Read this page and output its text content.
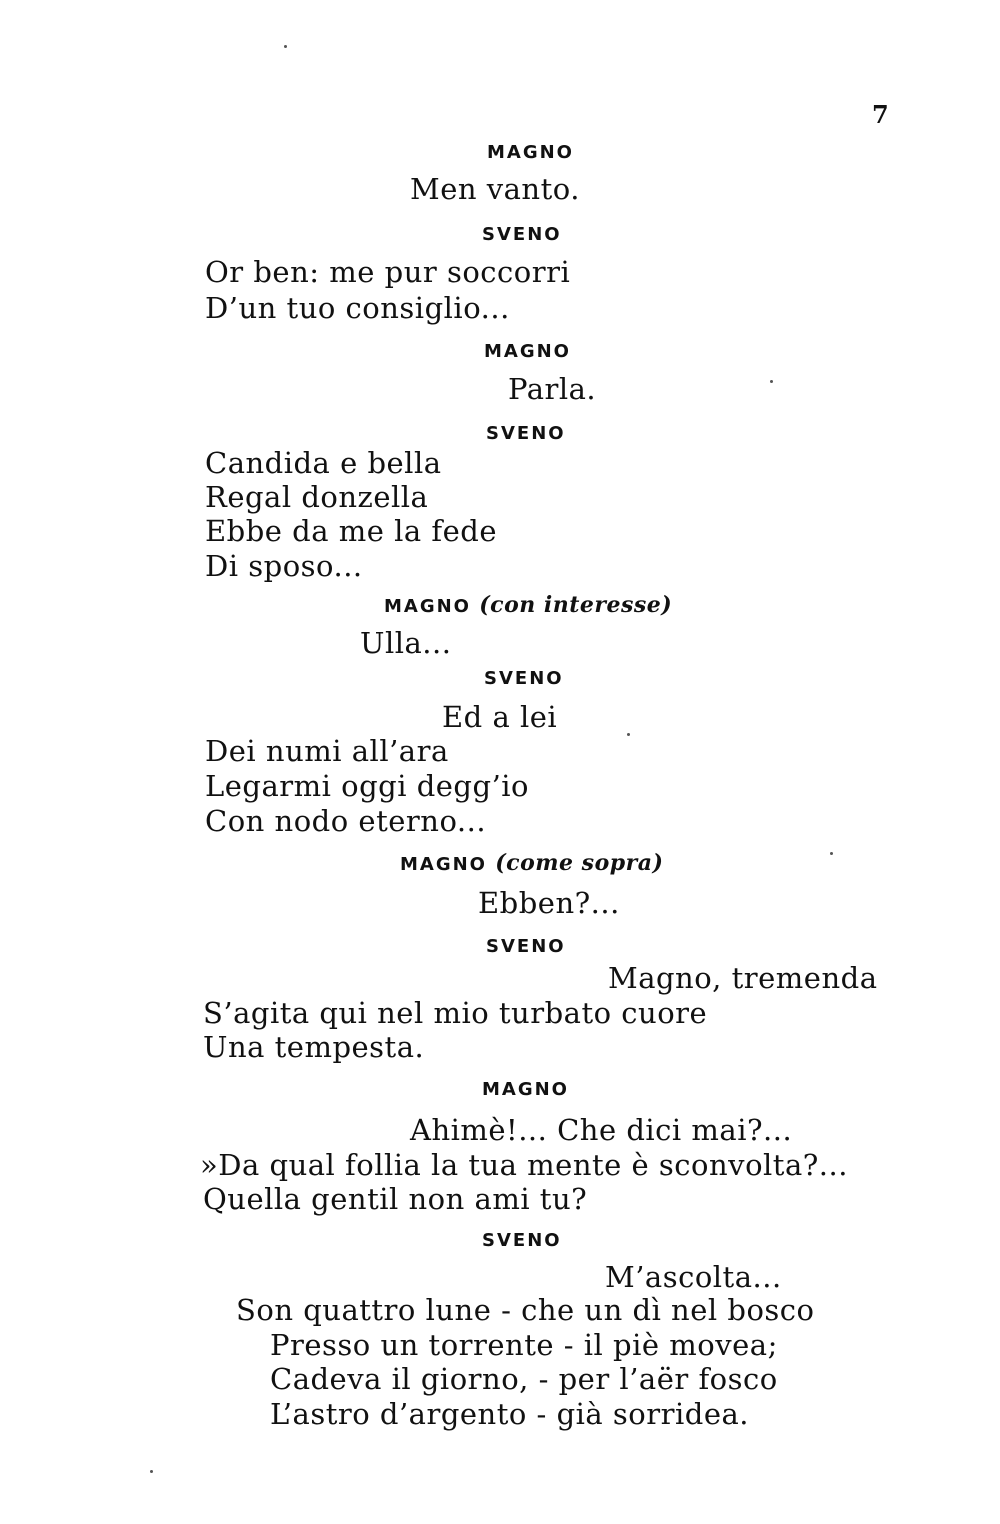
7
MAGNO
Men vanto.
SVENO
Or ben: me pur soccorri
D’un tuo consiglio...
MAGNO
Parla.
SVENO
Candida e bella
Regal donzella
Ebbe da me la fede
Di sposo...
MAGNO (con interesse)
Ulla...
SVENO
Ed a lei
Dei numi all’ara
Legarmi oggi degg’io
Con nodo eterno...
MAGNO (come sopra)
Ebben?...
SVENO
Magno, tremenda
S’agita qui nel mio turbato cuore
Una tempesta.
MAGNO
Ahimè!... Che dici mai?...
»Da qual follia la tua mente è sconvolta?...
Quella gentil non ami tu?
SVENO
M’ascolta...
Son quattro lune - che un dì nel bosco
Presso un torrente - il piè movea;
Cadeva il giorno, - per l’aër fosco
L’astro d’argento - già sorridea.
